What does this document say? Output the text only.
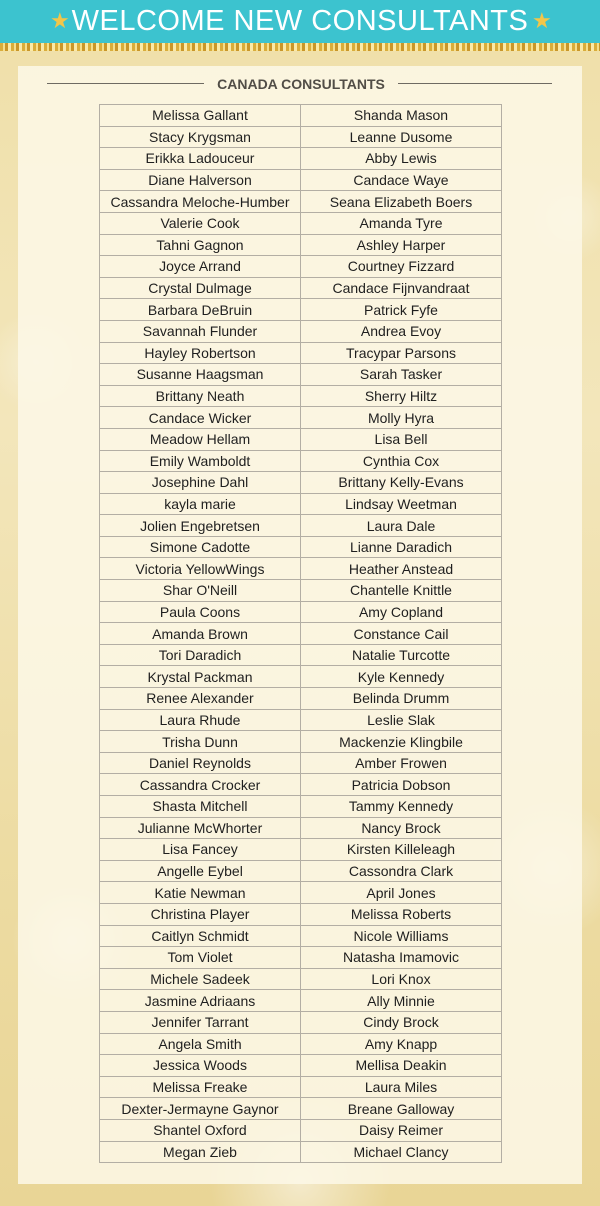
★ WELCOME NEW CONSULTANTS ★
CANADA CONSULTANTS
Melissa Gallant	Shanda Mason
Stacy Krygsman	Leanne Dusome
Erikka Ladouceur	Abby Lewis
Diane Halverson	Candace Waye
Cassandra Meloche-Humber	Seana Elizabeth Boers
Valerie Cook	Amanda Tyre
Tahni Gagnon	Ashley Harper
Joyce Arrand	Courtney Fizzard
Crystal Dulmage	Candace Fijnvandraat
Barbara DeBruin	Patrick Fyfe
Savannah Flunder	Andrea Evoy
Hayley Robertson	Tracypar Parsons
Susanne Haagsman	Sarah Tasker
Brittany Neath	Sherry Hiltz
Candace Wicker	Molly Hyra
Meadow Hellam	Lisa Bell
Emily Wamboldt	Cynthia Cox
Josephine Dahl	Brittany Kelly-Evans
kayla marie	Lindsay Weetman
Jolien Engebretsen	Laura Dale
Simone Cadotte	Lianne Daradich
Victoria YellowWings	Heather Anstead
Shar O'Neill	Chantelle Knittle
Paula Coons	Amy Copland
Amanda Brown	Constance Cail
Tori Daradich	Natalie Turcotte
Krystal Packman	Kyle Kennedy
Renee Alexander	Belinda Drumm
Laura Rhude	Leslie Slak
Trisha Dunn	Mackenzie Klingbile
Daniel Reynolds	Amber Frowen
Cassandra Crocker	Patricia Dobson
Shasta Mitchell	Tammy Kennedy
Julianne McWhorter	Nancy Brock
Lisa Fancey	Kirsten Killeleagh
Angelle Eybel	Cassondra Clark
Katie Newman	April Jones
Christina Player	Melissa Roberts
Caitlyn Schmidt	Nicole Williams
Tom Violet	Natasha Imamovic
Michele Sadeek	Lori Knox
Jasmine Adriaans	Ally Minnie
Jennifer Tarrant	Cindy Brock
Angela Smith	Amy Knapp
Jessica Woods	Mellisa Deakin
Melissa Freake	Laura Miles
Dexter-Jermayne Gaynor	Breane Galloway
Shantel Oxford	Daisy Reimer
Megan Zieb	Michael Clancy
